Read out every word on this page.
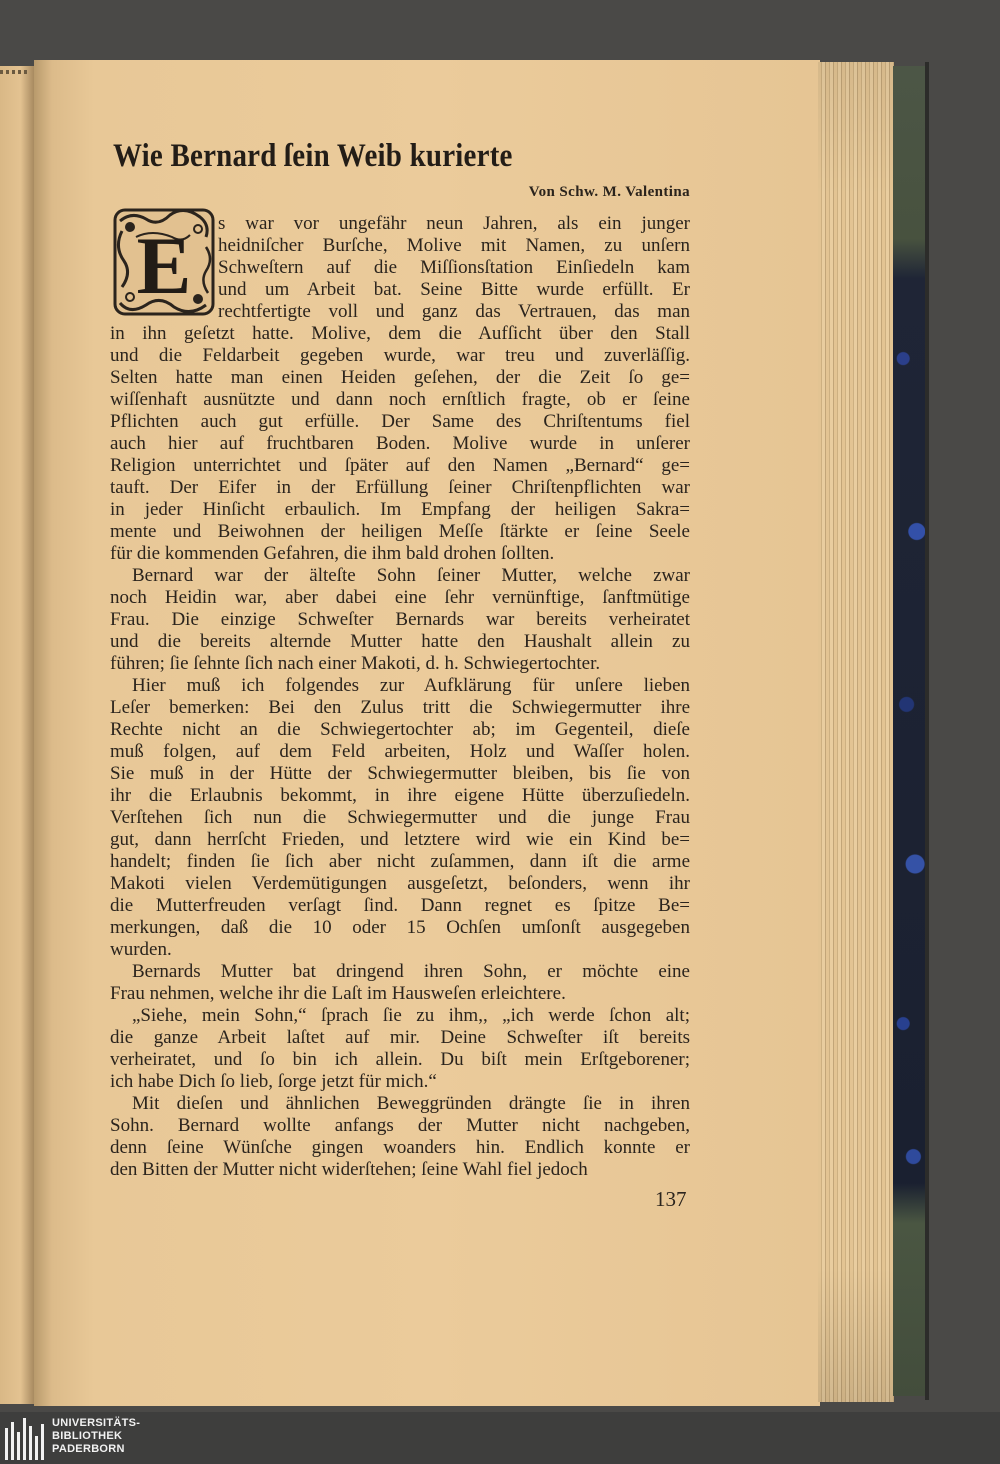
Wie Bernard ſein Weib kurierte
Von Schw. M. Valentina
E s war vor ungefähr neun Jahren, als ein junger
heidniſcher Burſche, Molive mit Namen, zu unſern
Schweſtern auf die Miſſionsſtation Einſiedeln kam
und um Arbeit bat. Seine Bitte wurde erfüllt. Er
rechtfertigte voll und ganz das Vertrauen, das man
in ihn geſetzt hatte. Molive, dem die Aufſicht über den Stall
und die Feldarbeit gegeben wurde, war treu und zuverläſſig.
Selten hatte man einen Heiden geſehen, der die Zeit ſo ge=
wiſſenhaft ausnützte und dann noch ernſtlich fragte, ob er ſeine
Pflichten auch gut erfülle. Der Same des Chriſtentums fiel
auch hier auf fruchtbaren Boden. Molive wurde in unſerer
Religion unterrichtet und ſpäter auf den Namen „Bernard“ ge=
tauft. Der Eifer in der Erfüllung ſeiner Chriſtenpflichten war
in jeder Hinſicht erbaulich. Im Empfang der heiligen Sakra=
mente und Beiwohnen der heiligen Meſſe ſtärkte er ſeine Seele
für die kommenden Gefahren, die ihm bald drohen ſollten.
Bernard war der älteſte Sohn ſeiner Mutter, welche zwar
noch Heidin war, aber dabei eine ſehr vernünftige, ſanftmütige
Frau. Die einzige Schweſter Bernards war bereits verheiratet
und die bereits alternde Mutter hatte den Haushalt allein zu
führen; ſie ſehnte ſich nach einer Makoti, d. h. Schwiegertochter.
Hier muß ich folgendes zur Aufklärung für unſere lieben
Leſer bemerken: Bei den Zulus tritt die Schwiegermutter ihre
Rechte nicht an die Schwiegertochter ab; im Gegenteil, dieſe
muß folgen, auf dem Feld arbeiten, Holz und Waſſer holen.
Sie muß in der Hütte der Schwiegermutter bleiben, bis ſie von
ihr die Erlaubnis bekommt, in ihre eigene Hütte überzuſiedeln.
Verſtehen ſich nun die Schwiegermutter und die junge Frau
gut, dann herrſcht Frieden, und letztere wird wie ein Kind be=
handelt; finden ſie ſich aber nicht zuſammen, dann iſt die arme
Makoti vielen Verdemütigungen ausgeſetzt, beſonders, wenn ihr
die Mutterfreuden verſagt ſind. Dann regnet es ſpitze Be=
merkungen, daß die 10 oder 15 Ochſen umſonſt ausgegeben
wurden.
Bernards Mutter bat dringend ihren Sohn, er möchte eine
Frau nehmen, welche ihr die Laſt im Hausweſen erleichtere.
„Siehe, mein Sohn,“ ſprach ſie zu ihm,, „ich werde ſchon alt;
die ganze Arbeit laſtet auf mir. Deine Schweſter iſt bereits
verheiratet, und ſo bin ich allein. Du biſt mein Erſtgeborener;
ich habe Dich ſo lieb, ſorge jetzt für mich.“
Mit dieſen und ähnlichen Beweggründen drängte ſie in ihren
Sohn. Bernard wollte anfangs der Mutter nicht nachgeben,
denn ſeine Wünſche gingen woanders hin. Endlich konnte er
den Bitten der Mutter nicht widerſtehen; ſeine Wahl fiel jedoch
137
UNIVERSITÄTS-
BIBLIOTHEK
PADERBORN
